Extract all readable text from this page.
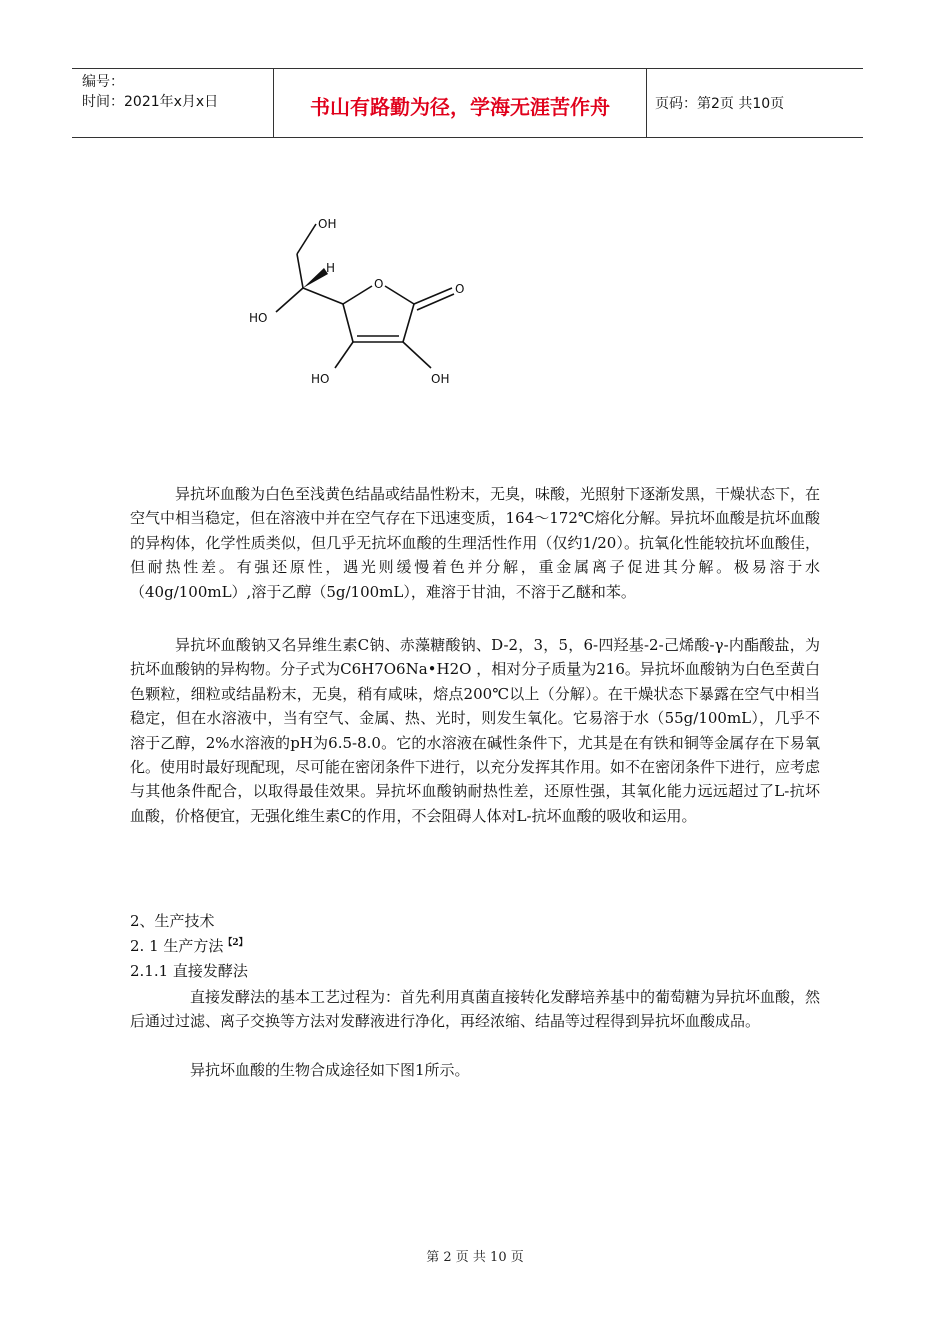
编号：
时间：2021年x月x日	书山有路勤为径，学海无涯苦作舟	页码：第2页 共10页
OH
H
HO
O	O
HO	OH
异抗坏血酸为白色至浅黄色结晶或结晶性粉末，无臭，味酸，光照射下逐渐发黑，干燥状态下，在空气中相当稳定，但在溶液中并在空气存在下迅速变质，164～172℃熔化分解。异抗坏血酸是抗坏血酸的异构体，化学性质类似，但几乎无抗坏血酸的生理活性作用（仅约1/20）。抗氧化性能较抗坏血酸佳，但耐热性差。有强还原性，遇光则缓慢着色并分解，重金属离子促进其分解。极易溶于水（40g/100mL）,溶于乙醇（5g/100mL），难溶于甘油，不溶于乙醚和苯。
异抗坏血酸钠又名异维生素C钠、赤藻糖酸钠、D-2，3，5，6-四羟基-2-己烯酸-γ-内酯酸盐，为抗坏血酸钠的异构物。分子式为C6H7O6Na•H2O ，相对分子质量为216。异抗坏血酸钠为白色至黄白色颗粒，细粒或结晶粉末，无臭，稍有咸味，熔点200℃以上（分解）。在干燥状态下暴露在空气中相当稳定，但在水溶液中，当有空气、金属、热、光时，则发生氧化。它易溶于水（55g/100mL），几乎不溶于乙醇，2%水溶液的pH为6.5-8.0。它的水溶液在碱性条件下，尤其是在有铁和铜等金属存在下易氧化。使用时最好现配现，尽可能在密闭条件下进行，以充分发挥其作用。如不在密闭条件下进行，应考虑与其他条件配合，以取得最佳效果。异抗坏血酸钠耐热性差，还原性强，其氧化能力远远超过了L-抗坏血酸，价格便宜，无强化维生素C的作用，不会阻碍人体对L-抗坏血酸的吸收和运用。
2、生产技术
2. 1 生产方法$^{【2】}$
2.1.1 直接发酵法
直接发酵法的基本工艺过程为：首先利用真菌直接转化发酵培养基中的葡萄糖为异抗坏血酸，然后通过过滤、离子交换等方法对发酵液进行净化，再经浓缩、结晶等过程得到异抗坏血酸成品。
异抗坏血酸的生物合成途径如下图1所示。
第 2 页 共 10 页
